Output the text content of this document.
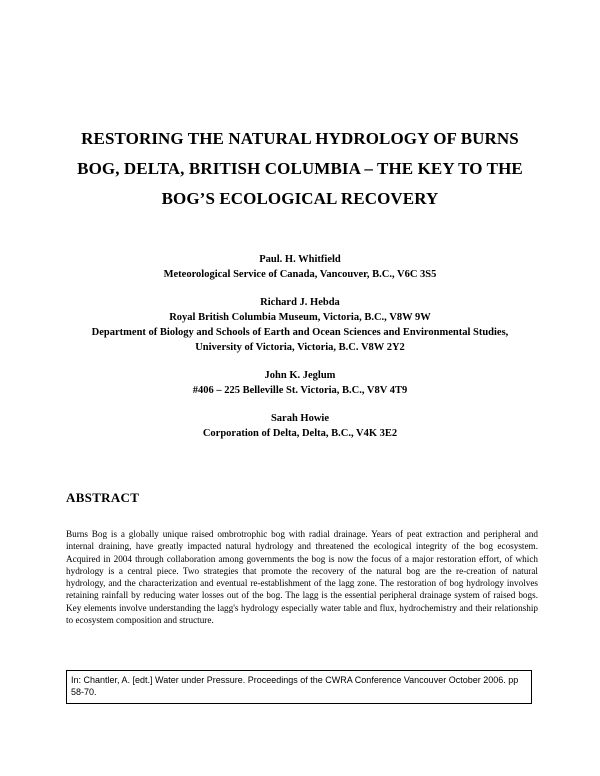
RESTORING THE NATURAL HYDROLOGY OF BURNS
BOG, DELTA, BRITISH COLUMBIA – THE KEY TO THE
BOG’S ECOLOGICAL RECOVERY
Paul. H. Whitfield
Meteorological Service of Canada, Vancouver, B.C., V6C 3S5
Richard J. Hebda
Royal British Columbia Museum, Victoria, B.C., V8W 9W
Department of Biology and Schools of Earth and Ocean Sciences and Environmental Studies,
University of Victoria, Victoria, B.C. V8W 2Y2
John K. Jeglum
#406 – 225 Belleville St. Victoria, B.C., V8V 4T9
Sarah Howie
Corporation of Delta, Delta, B.C., V4K 3E2
ABSTRACT
Burns Bog is a globally unique raised ombrotrophic bog with radial drainage. Years of peat extraction and peripheral and internal draining, have greatly impacted natural hydrology and threatened the ecological integrity of the bog ecosystem. Acquired in 2004 through collaboration among governments the bog is now the focus of a major restoration effort, of which hydrology is a central piece. Two strategies that promote the recovery of the natural bog are the re-creation of natural hydrology, and the characterization and eventual re-establishment of the lagg zone. The restoration of bog hydrology involves retaining rainfall by reducing water losses out of the bog. The lagg is the essential peripheral drainage system of raised bogs. Key elements involve understanding the lagg's hydrology especially water table and flux, hydrochemistry and their relationship to ecosystem composition and structure.
In: Chantler, A. [edt.] Water under Pressure. Proceedings of the CWRA Conference Vancouver October 2006. pp 58-70.
